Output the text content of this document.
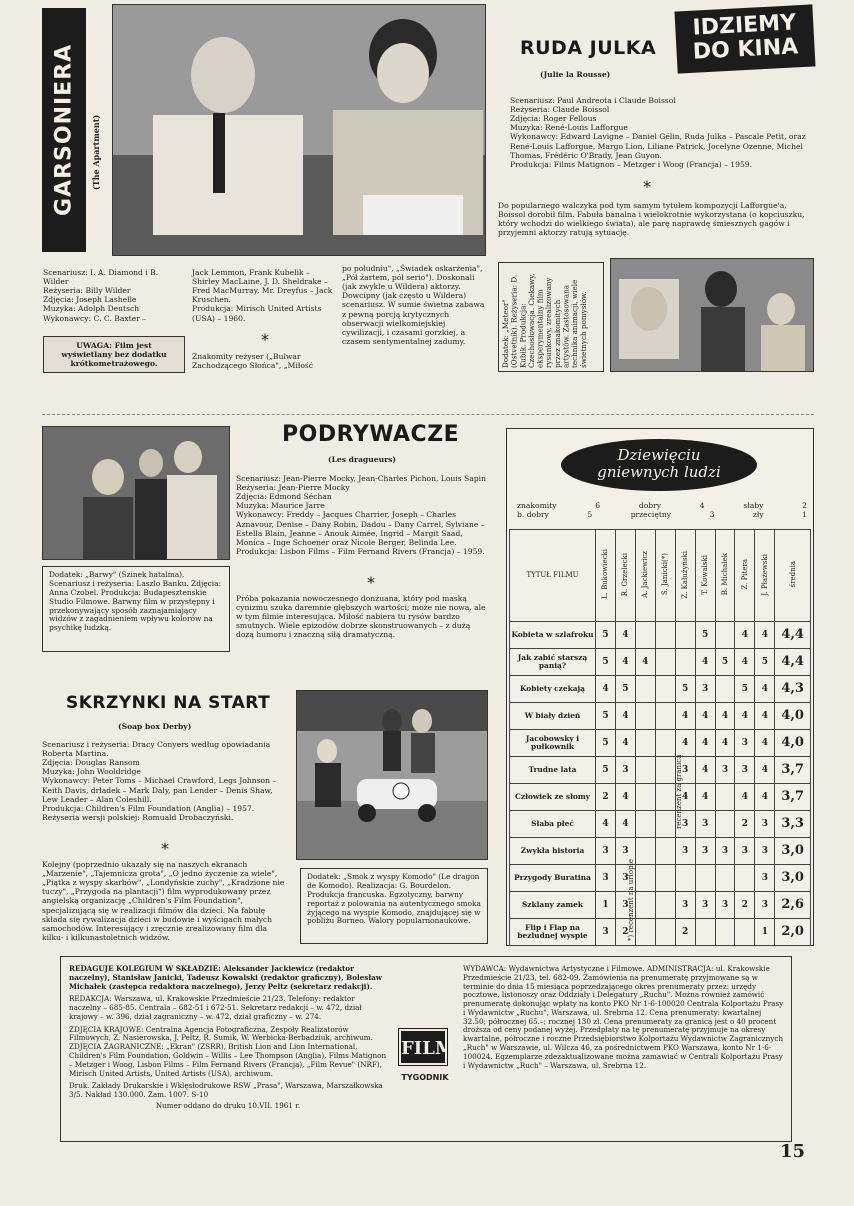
GARSONIERA (The Apartment)
Scenariusz: I. A. Diamond i B. Wilder
Reżyseria: Billy Wilder
Zdjęcia: Joseph Lashelle
Muzyka: Adolph Deutsch
Wykonawcy: C. C. Baxter –
UWAGA: Film jest wyświetlany bez dodatku krótkometrażowego.
Jack Lemmon, Frank Kubelik – Shirley MacLaine, J. D. Sheldrake – Fred MacMurray, Mr. Dreyfus – Jack Kruschen.
Produkcja: Mirisch United Artists (USA) – 1960.
*
Znakomity reżyser („Bulwar Zachodzącego Słońca", „Miłość
po południu", „Świadek oskarżenia", „Pół żartem, pół serio"). Doskonali (jak zwykle u Wildera) aktorzy. Dowcipny (jak często u Wildera) scenariusz. W sumie świetna zabawa z pewną porcją krytycznych obserwacji wielkomiejskiej cywilizacji, i czasami gorzkiej, a czasem sentymentalnej zadumy.
IDZIEMY
DO KINA
RUDA JULKA
(Julie la Rousse)
Scenariusz: Paul Andreota i Claude Boissol
Reżyseria: Claude Boissol
Zdjęcia: Roger Fellous
Muzyka: René-Louis Lafforgue
Wykonawcy: Edward Lavigne – Daniel Gélin, Ruda Julka – Pascale Petit, oraz René-Louis Lafforgue, Margo Lion, Liliane Patrick, Jocelyne Ozenne, Michel Thomas, Frédéric O'Brady, Jean Guyon.
Produkcja: Films Matignon – Metzger i Woog (Francja) – 1959.
*
Do popularnego walczyka pod tym samym tytułem kompozycji Lafforgue'a, Boissol dorobił film. Fabuła banalna i wielokrotnie wykorzystana (o kopciuszku, który wchodzi do wielkiego świata), ale parę naprawdę śmiesznych gagów i przyjemni aktorzy ratują sytuację.
Dodatek: „Meteor" (Ostvetník). Reżyseria: D. Kubik. Produkcja: Czechosłowacja. Ciekawy, eksperymentalny film rysunkowy, zrealizowany przez znakomitych artystów. Zastosowana technika animacji, wiele świetnych pomysłów.
Dodatek: „Barwy" (Szinek hatalma). Scenariusz i reżyseria: Laszlo Banku. Zdjęcia: Anna Czobel. Produkcja: Budapesztenskie Studio Filmowe. Barwny film w przystępny i przekonywający sposób zaznajamiający widzów z zagadnieniem wpływu kolorów na psychikę ludzką.
PODRYWACZE
(Les dragueurs)
Scenariusz: Jean-Pierre Mocky, Jean-Charles Pichon, Louis Sapin
Reżyseria: Jean-Pierre Mocky
Zdjęcia: Edmond Séchan
Muzyka: Maurice Jarre
Wykonawcy: Freddy – Jacques Charrier, Joseph – Charles Aznavour, Denise – Dany Robin, Dadou – Dany Carrel, Sylviane – Estella Blain, Jeanne – Anouk Aimée, Ingrid – Margit Saad, Monica – Inge Schoener oraz Nicole Berger, Belinda Lee.
Produkcja: Lisbon Films – Film Fernand Rivers (Francja) – 1959.
*
Próba pokazania nowoczesnego donżuana, który pod maską cynizmu szuka daremnie głębszych wartości; może nie nowa, ale w tym filmie interesująca. Miłość nabiera tu rysów bardzo smutnych. Wiele epizodów dobrze skonstruowanych – z dużą dozą humoru i znaczną siłą dramatyczną.
SKRZYNKI NA START
(Soap box Derby)
Scenariusz i reżyseria: Dracy Conyers według opowiadania Roberta Martina.
Zdjęcia: Douglas Ransom
Muzyka: John Wooldridge
Wykonawcy: Peter Toms – Michael Crawford, Legs Johnson – Keith Davis, drładek – Mark Daly, pan Lender – Denis Shaw, Lew Leader – Alan Coleshill.
Produkcja: Children's Film Foundation (Anglia) – 1957.
Reżyseria wersji polskiej: Romuald Drobaczyński.
*
Kolejny (poprzednio ukazały się na naszych ekranach „Marzenie", „Tajemnicza grota", „O jedno życzenie za wiele", „Piątka z wyspy skarbów", „Londyńskie zuchy", „Kradzione nie tuczy", „Przygoda na plantacji") film wyprodukowany przez angielską organizację „Children's Film Foundation", specjalizującą się w realizacji filmów dla dzieci. Na fabułę składa się rywalizacja dzieci w budowie i wyścigach małych samochodów. Interesujący i zręcznie zrealizowany film dla kilku- i kilkunastoletnich widzów.
Dodatek: „Smok z wyspy Komodo" (Le dragon de Komodo). Realizacja: G. Bourdelon. Produkcja francuska. Egzotyczny, barwny reportaż z polowania na autentycznego smoka żyjącego na wyspie Komodo, znajdującej się w pobliżu Borneo. Walory popularnonaukowe.
Dziewięciu
gniewnych ludzi
znakomity	6	dobry	4	słaby	2
b. dobry	5	przeciętny	3	zły	1
TYTUŁ FILMU	L. Bukowiecki	R. Grzelecki	A. Jackiewicz	S. Janicki(*)	Z. Kałużyński	T. Kowalski	B. Michałek	Z. Pitera	J. Płażewski	średnia
Kobieta w szlafroku	5	4				5		4	4	4,4
Jak zabić starszą panią?	5	4	4			4	5	4	5	4,4
Kobiety czekają	4	5			5	3		5	4	4,3
W biały dzień	5	4			4	4	4	4	4	4,0
Jacobowsky i pułkownik	5	4			4	4	4	3	4	4,0
Trudne lata	5	3			3	4	3	3	4	3,7
Człowiek ze słomy	2	4			4	4		4	4	3,7
Słaba płeć	4	4			3	3		2	3	3,3
Zwykła historia	3	3			3	3	3	3	3	3,0
Przygody Buratina	3	3							3	3,0
Szklany zamek	1	3			3	3	3	2	3	2,6
Flip i Flap na bezludnej wyspie	3	2			2				1	2,0
recenzent za granicą
*) recenzent na urlopie
REDAGUJE KOLEGIUM W SKŁADZIE: Aleksander Jackiewicz (redaktor naczelny), Stanisław Janicki, Tadeusz Kowalski (redaktor graficzny), Bolesław Michałek (zastępca redaktora naczelnego), Jerzy Peltz (sekretarz redakcji).
REDAKCJA: Warszawa, ul. Krakowskie Przedmieście 21/23. Telefony: redaktor naczelny – 685-85. Centrala – 682-51 i 672-51. Sekretarz redakcji – w. 472, dział krajowy – w. 396, dział zagraniczny – w. 472, dział graficzny – w. 274.
ZDJĘCIA KRAJOWE: Centralna Agencja Fotograficzna, Zespoły Realizatorów Filmowych, Z. Nasierowska, J. Peltz, R. Sumik, W. Werbicka-Berbadziuk, archiwum. ZDJĘCIA ZAGRANICZNE: „Ekran" (ZSRR), British Lion and Lion International, Children's Film Foundation, Goldwin – Willis – Lee Thompson (Anglia), Films Matignon – Metzger i Woog, Lisbon Films – Film Fernand Rivers (Francja), „Film Revue" (NRF), Mirisch United Artists, United Artists (USA), archiwum.
Druk. Zakłady Drukarskie i Wklęsłodrukowe RSW „Prasa", Warszawa, Marszałkowska 3/5. Nakład 130.000. Zam. 1007. S-10
Numer oddano do druku 10.VII. 1961 r.
FILM
TYGODNIK
WYDAWCA: Wydawnictwa Artystyczne i Filmowe. ADMINISTRACJA: ul. Krakowskie Przedmieście 21/23, tel. 682-09. Zamówienia na prenumeratę przyjmowane są w terminie do dnia 15 miesiąca poprzedzającego okres prenumeraty przez: urzędy pocztowe, listonoszy oraz Oddziały i Delegatury „Ruchu". Można również zamówić prenumeratę dokonując wpłaty na konto PKO Nr 1-6-100020 Centrala Kolportażu Prasy i Wydawnictw „Ruchu", Warszawa, ul. Srebrna 12. Cena prenumeraty: kwartalnej 32.50; półrocznej 65.–; rocznej 130 zł. Cena prenumeraty za granicą jest o 40 procent droższa od ceny podanej wyżej. Przedpłaty na tę prenumeratę przyjmuje na okresy kwartalne, półroczne i roczne Przedsiębiorstwo Kolportażu Wydawnictw Zagranicznych „Ruch" w Warszawie, ul. Wilcza 46, za pośrednictwem PKO Warszawa, konto Nr 1-6-100024. Egzemplarze zdezaktualizowane można zamawiać w Centrali Kolportażu Prasy i Wydawnictw „Ruch" – Warszawa, ul. Srebrna 12.
15
